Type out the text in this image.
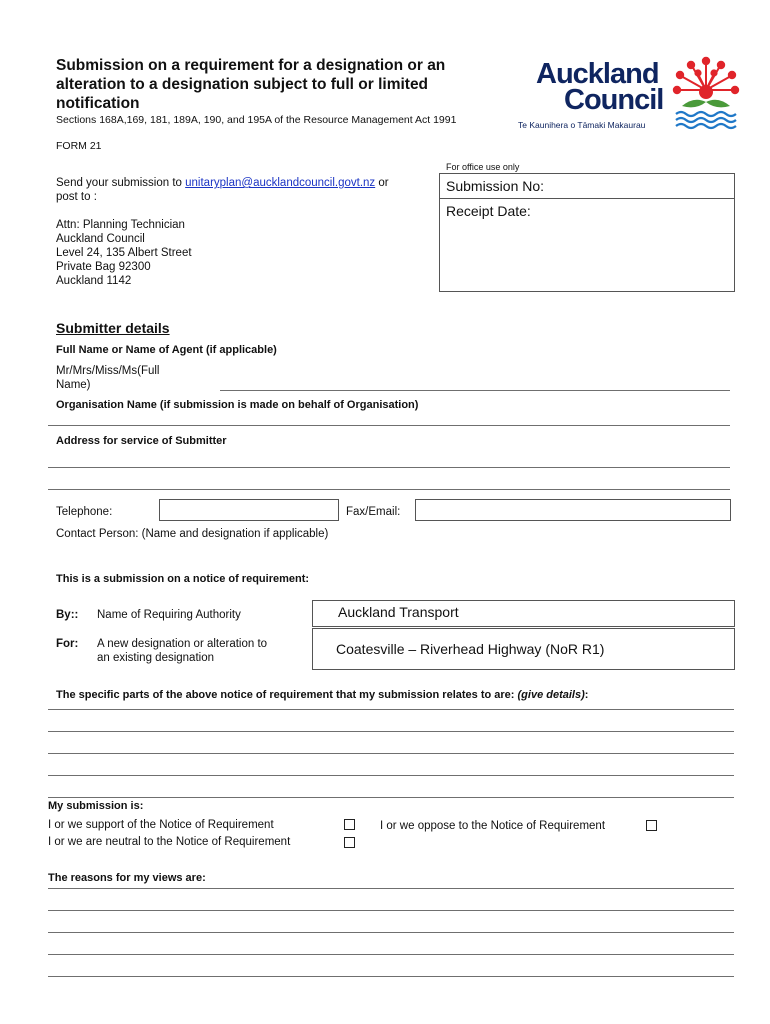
Submission on a requirement for a designation or an
alteration to a designation subject to full or limited
notification
Sections 168A,169, 181, 189A, 190, and 195A of the Resource Management Act 1991
FORM 21
Auckland
Council
Te Kaunihera o Tāmaki Makaurau
Send your submission to unitaryplan@aucklandcouncil.govt.nz or
post to :
Attn: Planning Technician
Auckland Council
Level 24, 135 Albert Street
Private Bag 92300
Auckland 1142
For office use only
Submission No:
Receipt Date:
Submitter details
Full Name or Name of Agent (if applicable)
Mr/Mrs/Miss/Ms(Full
Name)
Organisation Name (if submission is made on behalf of Organisation)
Address for service of Submitter
Telephone:	Fax/Email:
Contact Person: (Name and designation if applicable)
This is a submission on a notice of requirement:
By:: Name of Requiring Authority	Auckland Transport
For: A new designation or alteration to
an existing designation
Coatesville – Riverhead Highway (NoR R1)
The specific parts of the above notice of requirement that my submission relates to are: (give details):
My submission is:
I or we support of the Notice of Requirement	I or we oppose to the Notice of Requirement
I or we are neutral to the Notice of Requirement
The reasons for my views are:
